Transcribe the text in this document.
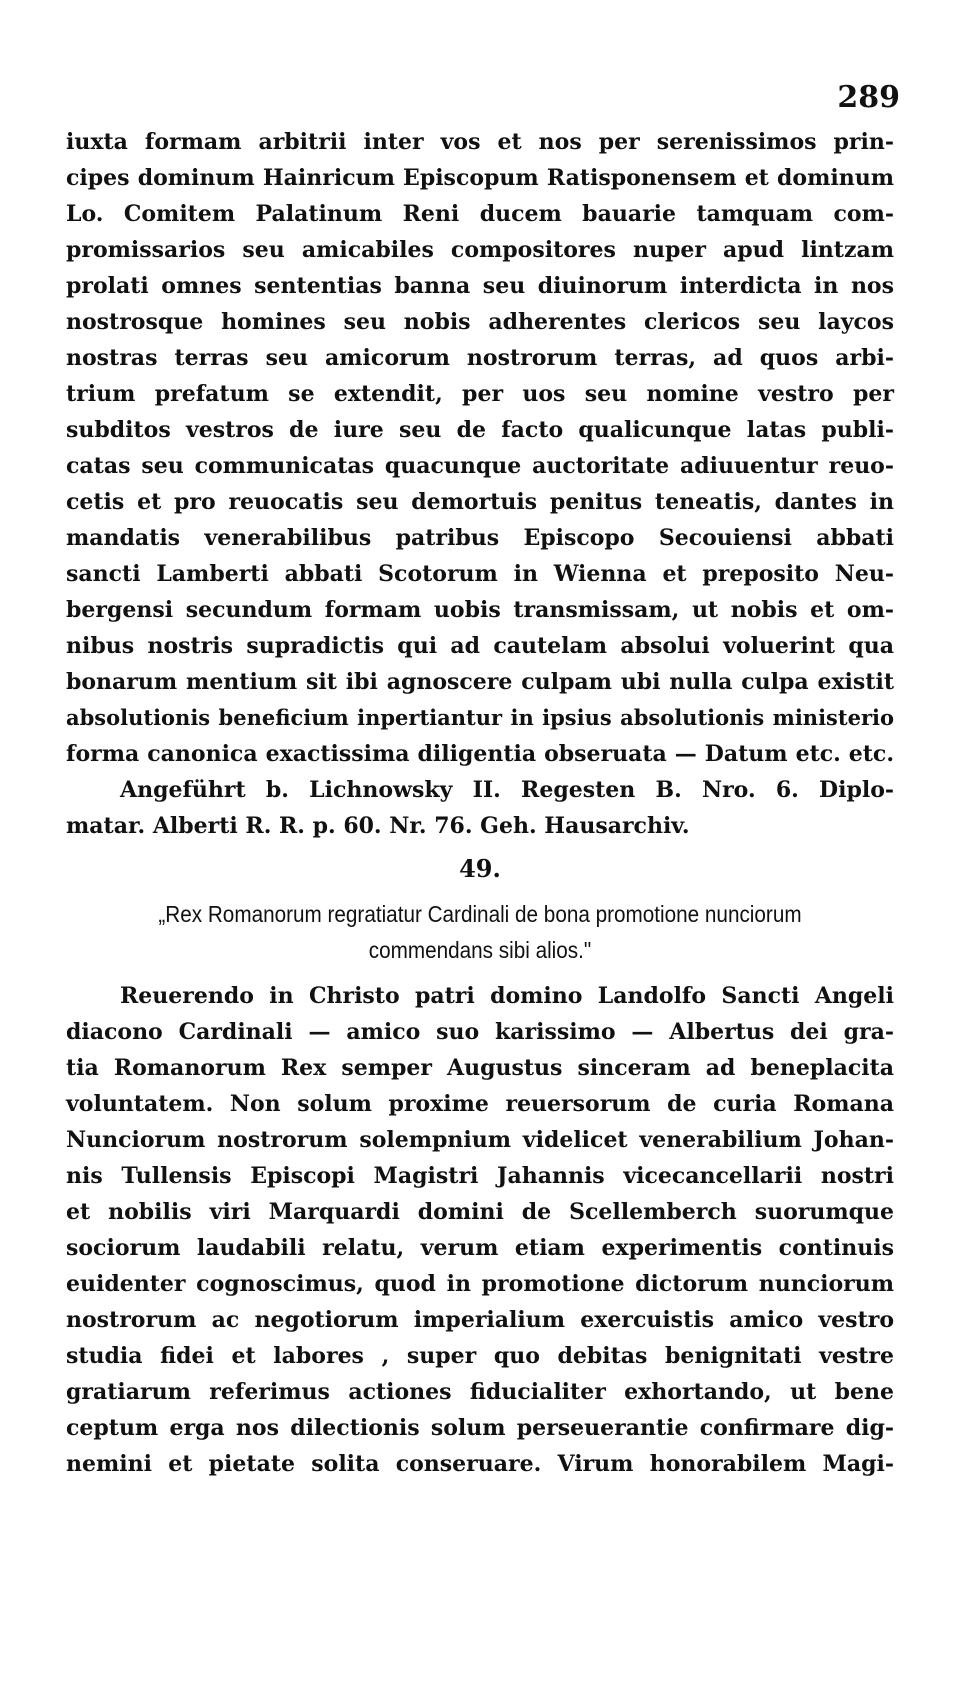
289
iuxta formam arbitrii inter vos et nos per serenissimos prin-
cipes dominum Hainricum Episcopum Ratisponensem et dominum
Lo. Comitem Palatinum Reni ducem bauarie tamquam com-
promissarios seu amicabiles compositores nuper apud lintzam
prolati omnes sententias banna seu diuinorum interdicta in nos
nostrosque homines seu nobis adherentes clericos seu laycos
nostras terras seu amicorum nostrorum terras, ad quos arbi-
trium prefatum se extendit, per uos seu nomine vestro per
subditos vestros de iure seu de facto qualicunque latas publi-
catas seu communicatas quacunque auctoritate adiuuentur reuo-
cetis et pro reuocatis seu demortuis penitus teneatis, dantes in
mandatis venerabilibus patribus Episcopo Secouiensi abbati
sancti Lamberti abbati Scotorum in Wienna et preposito Neu-
bergensi secundum formam uobis transmissam, ut nobis et om-
nibus nostris supradictis qui ad cautelam absolui voluerint qua
bonarum mentium sit ibi agnoscere culpam ubi nulla culpa existit
absolutionis beneficium inpertiantur in ipsius absolutionis ministerio
forma canonica exactissima diligentia obseruata — Datum etc. etc.
Angeführt b. Lichnowsky II. Regesten B. Nro. 6. Diplo-
matar. Alberti R. R. p. 60. Nr. 76. Geh. Hausarchiv.
49.
„Rex Romanorum regratiatur Cardinali de bona promotione nunciorum
commendans sibi alios."
Reuerendo in Christo patri domino Landolfo Sancti Angeli
diacono Cardinali — amico suo karissimo — Albertus dei gra-
tia Romanorum Rex semper Augustus sinceram ad beneplacita
voluntatem. Non solum proxime reuersorum de curia Romana
Nunciorum nostrorum solempnium videlicet venerabilium Johan-
nis Tullensis Episcopi Magistri Jahannis vicecancellarii nostri
et nobilis viri Marquardi domini de Scellemberch suorumque
sociorum laudabili relatu, verum etiam experimentis continuis
euidenter cognoscimus, quod in promotione dictorum nunciorum
nostrorum ac negotiorum imperialium exercuistis amico vestro
studia fidei et labores , super quo debitas benignitati vestre
gratiarum referimus actiones fiducialiter exhortando, ut bene
ceptum erga nos dilectionis solum perseuerantie confirmare dig-
nemini et pietate solita conseruare. Virum honorabilem Magi-
